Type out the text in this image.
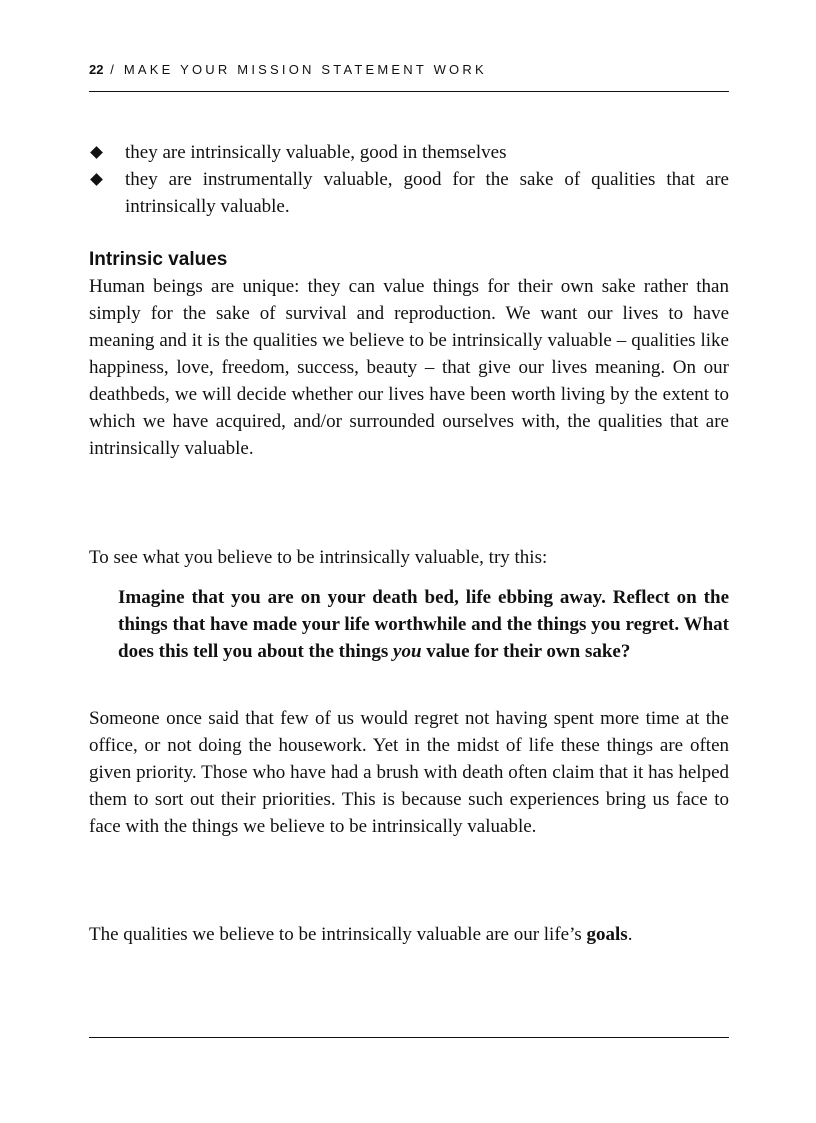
22 / MAKE YOUR MISSION STATEMENT WORK
they are intrinsically valuable, good in themselves
they are instrumentally valuable, good for the sake of qualities that are intrinsically valuable.
Intrinsic values

Human beings are unique: they can value things for their own sake rather than simply for the sake of survival and reproduction. We want our lives to have meaning and it is the qualities we believe to be intrinsically valuable – qualities like happiness, love, freedom, success, beauty – that give our lives meaning. On our deathbeds, we will decide whether our lives have been worth living by the extent to which we have acquired, and/or surrounded ourselves with, the qualities that are intrinsically valuable.

To see what you believe to be intrinsically valuable, try this:

Imagine that you are on your death bed, life ebbing away. Reflect on the things that have made your life worthwhile and the things you regret. What does this tell you about the things you value for their own sake?

Someone once said that few of us would regret not having spent more time at the office, or not doing the housework. Yet in the midst of life these things are often given priority. Those who have had a brush with death often claim that it has helped them to sort out their priorities. This is because such experiences bring us face to face with the things we believe to be intrinsically valuable.

The qualities we believe to be intrinsically valuable are our life’s goals.
